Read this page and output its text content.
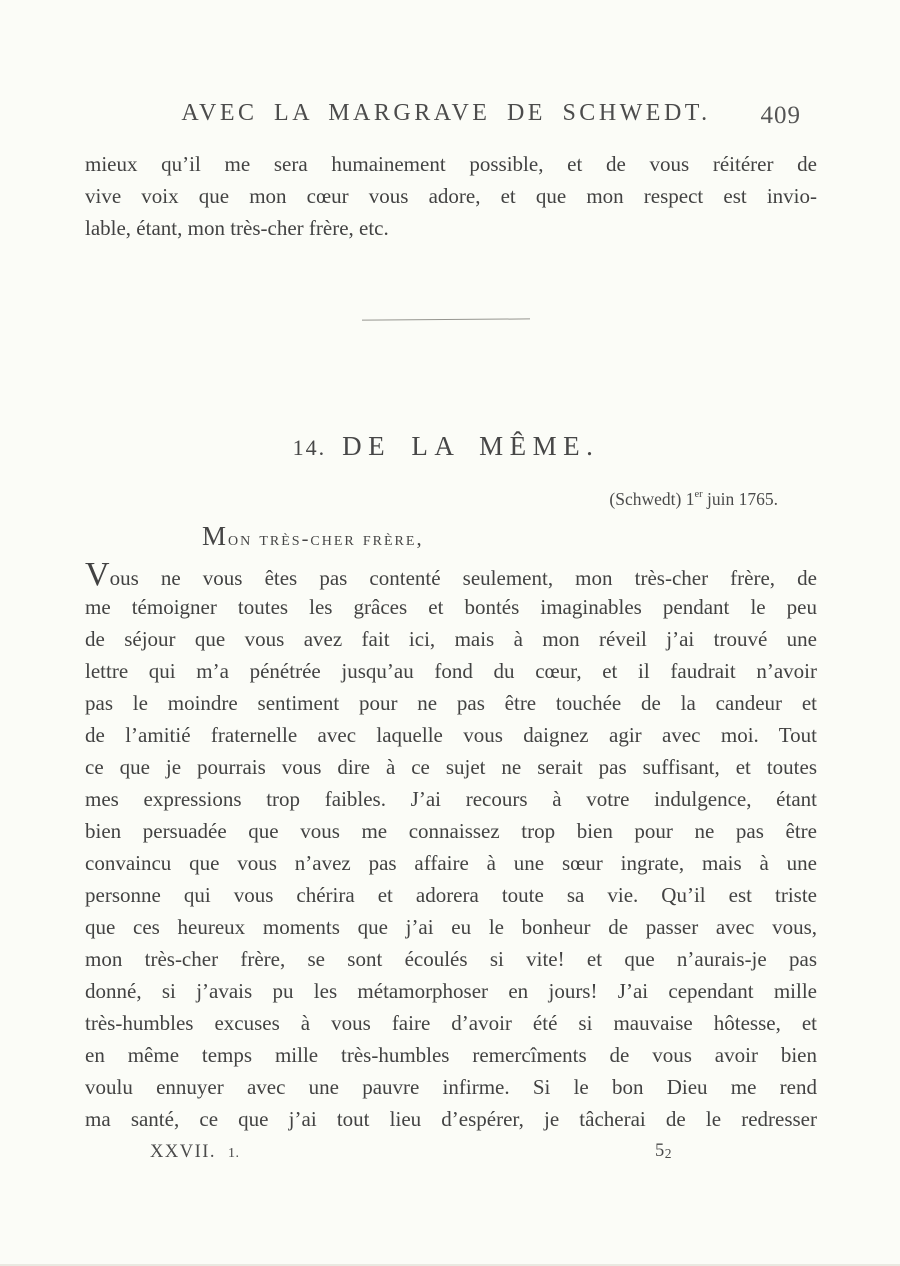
AVEC LA MARGRAVE DE SCHWEDT. 409
mieux qu’il me sera humainement possible, et de vous réitérer de
vive voix que mon cœur vous adore, et que mon respect est invio-
lable, étant, mon très-cher frère, etc.
14. DE LA MÊME.
(Schwedt) 1er juin 1765.
Mon très-cher frère,
Vous ne vous êtes pas contenté seulement, mon très-cher frère, de
me témoigner toutes les grâces et bontés imaginables pendant le peu
de séjour que vous avez fait ici, mais à mon réveil j’ai trouvé une
lettre qui m’a pénétrée jusqu’au fond du cœur, et il faudrait n’avoir
pas le moindre sentiment pour ne pas être touchée de la candeur et
de l’amitié fraternelle avec laquelle vous daignez agir avec moi. Tout
ce que je pourrais vous dire à ce sujet ne serait pas suffisant, et toutes
mes expressions trop faibles. J’ai recours à votre indulgence, étant
bien persuadée que vous me connaissez trop bien pour ne pas être
convaincu que vous n’avez pas affaire à une sœur ingrate, mais à une
personne qui vous chérira et adorera toute sa vie. Qu’il est triste
que ces heureux moments que j’ai eu le bonheur de passer avec vous,
mon très-cher frère, se sont écoulés si vite! et que n’aurais-je pas
donné, si j’avais pu les métamorphoser en jours! J’ai cependant mille
très-humbles excuses à vous faire d’avoir été si mauvaise hôtesse, et
en même temps mille très-humbles remercîments de vous avoir bien
voulu ennuyer avec une pauvre infirme. Si le bon Dieu me rend
ma santé, ce que j’ai tout lieu d’espérer, je tâcherai de le redresser
XXVII. 1.	52
